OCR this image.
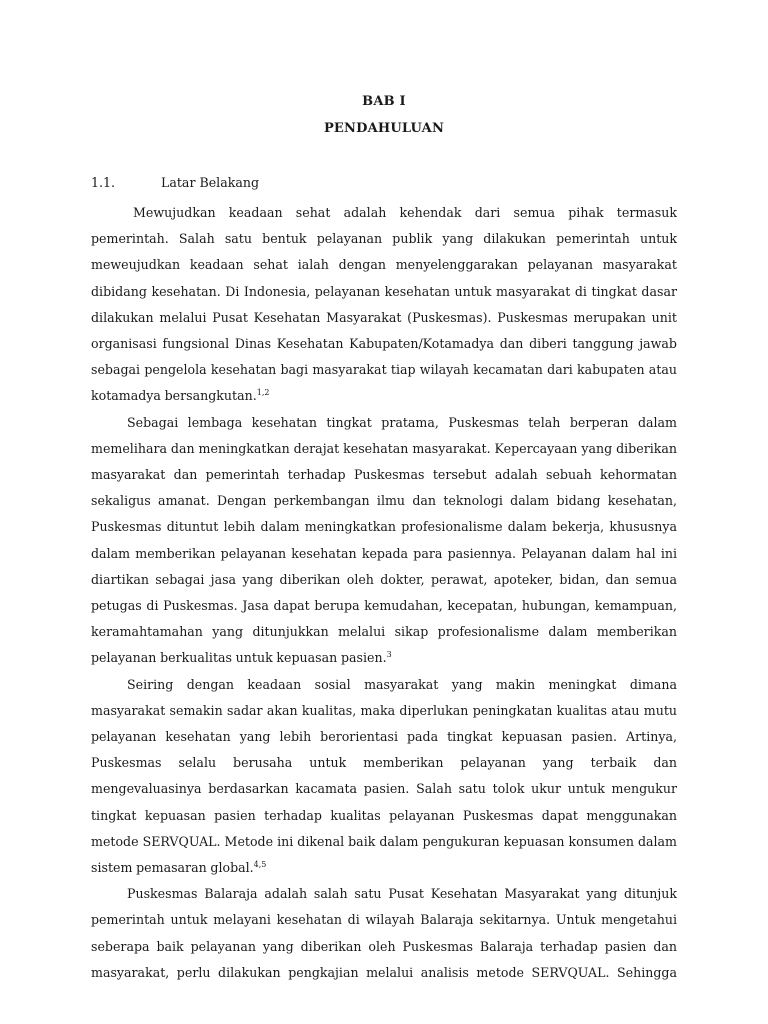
BAB I
PENDAHULUAN
1.1.	Latar Belakang

Mewujudkan keadaan sehat adalah kehendak dari semua pihak termasuk pemerintah. Salah satu bentuk pelayanan publik yang dilakukan pemerintah untuk meweujudkan keadaan sehat ialah dengan menyelenggarakan pelayanan masyarakat dibidang kesehatan. Di Indonesia, pelayanan kesehatan untuk masyarakat di tingkat dasar dilakukan melalui Pusat Kesehatan Masyarakat (Puskesmas). Puskesmas merupakan unit organisasi fungsional Dinas Kesehatan Kabupaten/Kotamadya dan diberi tanggung jawab sebagai pengelola kesehatan bagi masyarakat tiap wilayah kecamatan dari kabupaten atau kotamadya bersangkutan.$^{1,2}$

Sebagai lembaga kesehatan tingkat pratama, Puskesmas telah berperan dalam memelihara dan meningkatkan derajat kesehatan masyarakat. Kepercayaan yang diberikan masyarakat dan pemerintah terhadap Puskesmas tersebut adalah sebuah kehormatan sekaligus amanat. Dengan perkembangan ilmu dan teknologi dalam bidang kesehatan, Puskesmas dituntut lebih dalam meningkatkan profesionalisme dalam bekerja, khususnya dalam memberikan pelayanan kesehatan kepada para pasiennya. Pelayanan dalam hal ini diartikan sebagai jasa yang diberikan oleh dokter, perawat, apoteker, bidan, dan semua petugas di Puskesmas. Jasa dapat berupa kemudahan, kecepatan, hubungan, kemampuan, keramahtamahan yang ditunjukkan melalui sikap profesionalisme dalam memberikan pelayanan berkualitas untuk kepuasan pasien.$^3$

Seiring dengan keadaan sosial masyarakat yang makin meningkat dimana masyarakat semakin sadar akan kualitas, maka diperlukan peningkatan kualitas atau mutu pelayanan kesehatan yang lebih berorientasi pada tingkat kepuasan pasien. Artinya, Puskesmas selalu berusaha untuk memberikan pelayanan yang terbaik dan mengevaluasinya berdasarkan kacamata pasien. Salah satu tolok ukur untuk mengukur tingkat kepuasan pasien terhadap kualitas pelayanan Puskesmas dapat menggunakan metode SERVQUAL. Metode ini dikenal baik dalam pengukuran kepuasan konsumen dalam sistem pemasaran global.$^{4,5}$

Puskesmas Balaraja adalah salah satu Pusat Kesehatan Masyarakat yang ditunjuk pemerintah untuk melayani kesehatan di wilayah Balaraja sekitarnya. Untuk mengetahui seberapa baik pelayanan yang diberikan oleh Puskesmas Balaraja terhadap pasien dan masyarakat, perlu dilakukan pengkajian melalui analisis metode SERVQUAL. Sehingga
